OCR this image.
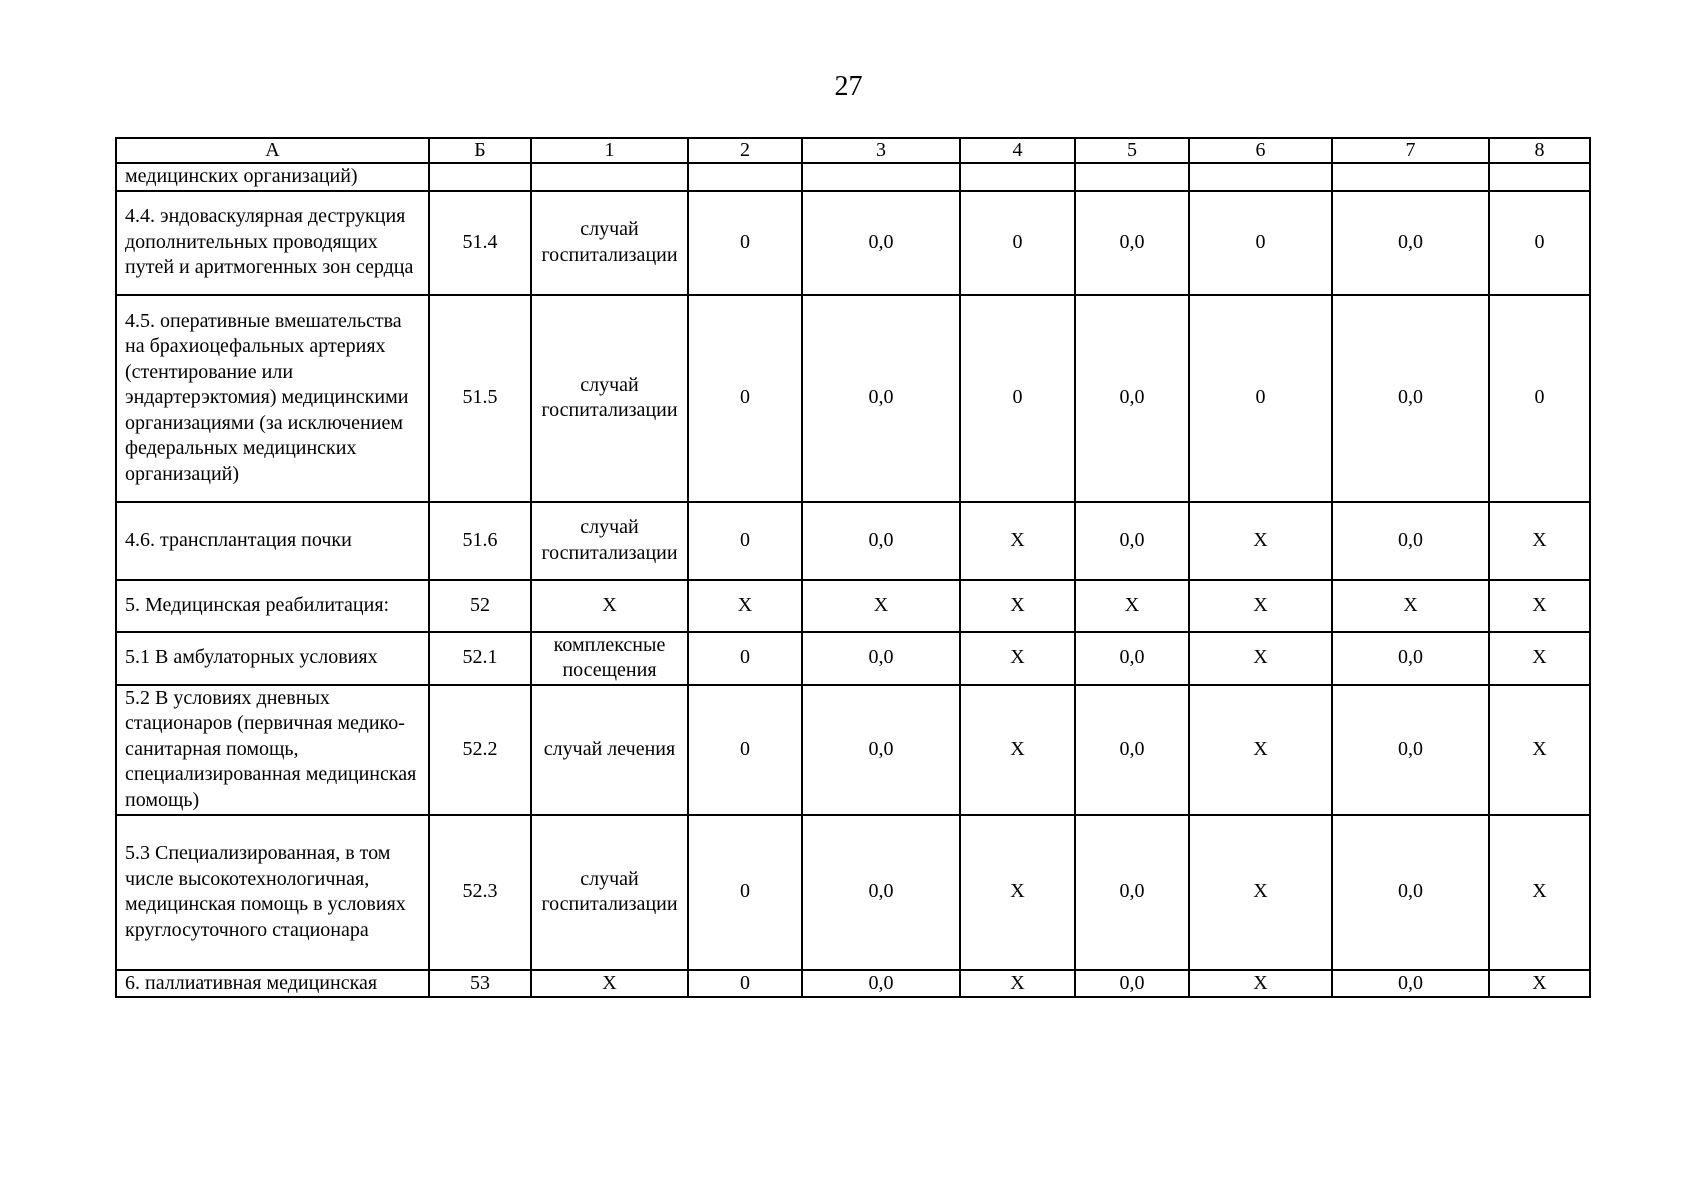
27
А	Б	1	2	3	4	5	6	7	8
медицинских организаций)									
4.4. эндоваскулярная деструкция дополнительных проводящих путей и аритмогенных зон сердца	51.4	случай госпитализации	0	0,0	0	0,0	0	0,0	0
4.5. оперативные вмешательства на брахиоцефальных артериях (стентирование или эндартерэктомия) медицинскими организациями (за исключением федеральных медицинских организаций)	51.5	случай госпитализации	0	0,0	0	0,0	0	0,0	0
4.6. трансплантация почки	51.6	случай госпитализации	0	0,0	Х	0,0	Х	0,0	Х
5. Медицинская реабилитация:	52	Х	Х	Х	Х	Х	Х	Х	Х
5.1 В амбулаторных условиях	52.1	комплексные посещения	0	0,0	Х	0,0	Х	0,0	Х
5.2 В условиях дневных стационаров (первичная медико-санитарная помощь, специализированная медицинская помощь)	52.2	случай лечения	0	0,0	Х	0,0	Х	0,0	Х
5.3 Специализированная, в том числе высокотехнологичная, медицинская помощь в условиях круглосуточного стационара	52.3	случай госпитализации	0	0,0	Х	0,0	Х	0,0	Х
6. паллиативная медицинская	53	Х	0	0,0	Х	0,0	Х	0,0	Х
